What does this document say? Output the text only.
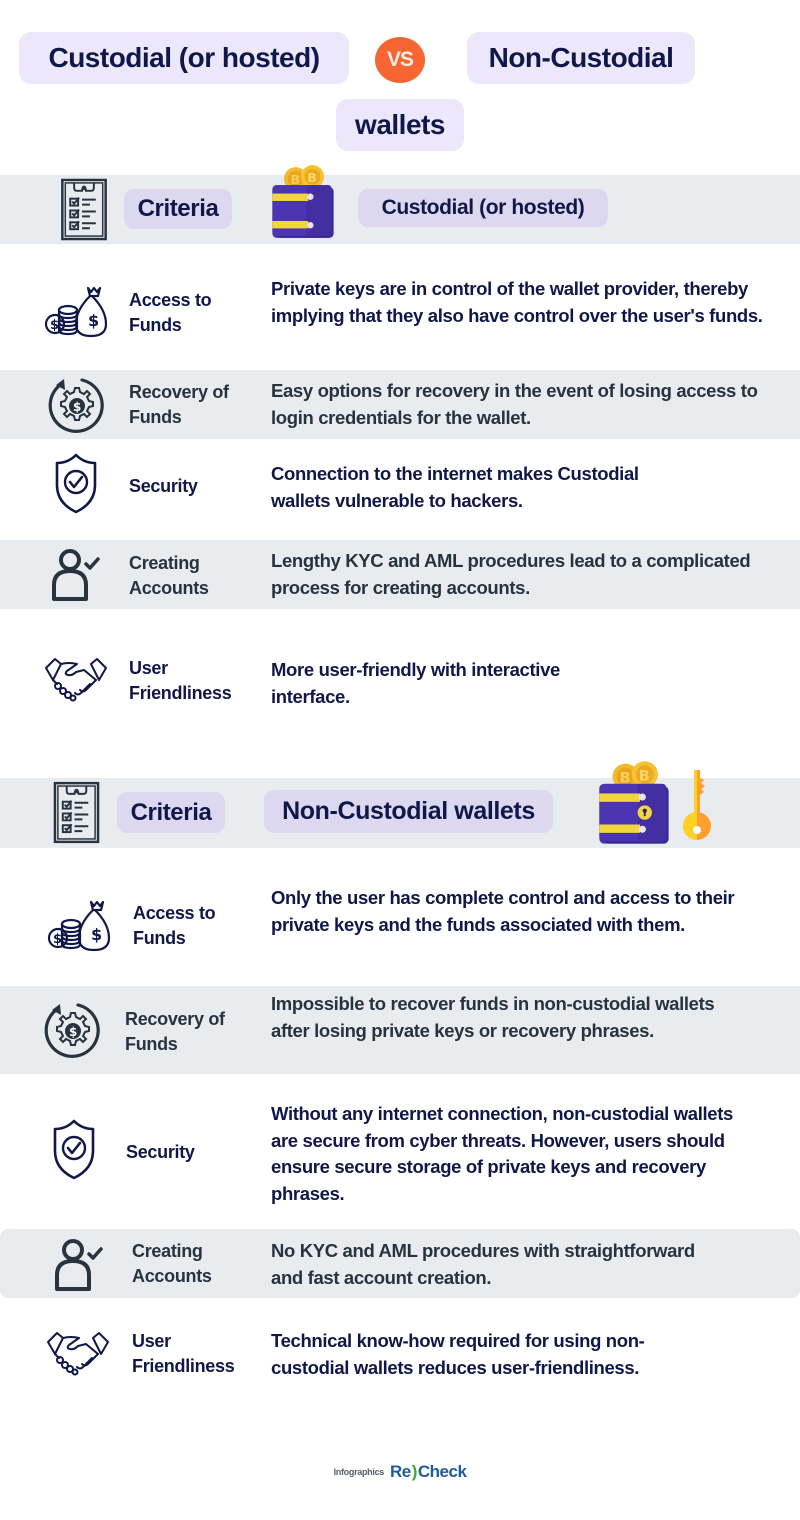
Custodial (or hosted)	VS	Non-Custodial
wallets
Criteria	Custodial (or hosted)
Access to
Funds
Private keys are in control of the wallet provider, thereby implying that they also have control over the user's funds.
Recovery of
Funds
Easy options for recovery in the event of losing access to login credentials for the wallet.
Security
Connection to the internet makes Custodial wallets vulnerable to hackers.
Creating
Accounts
Lengthy KYC and AML procedures lead to a complicated process for creating accounts.
User
Friendliness
More user-friendly with interactive interface.
Criteria	Non-Custodial wallets
Access to
Funds
Only the user has complete control and access to their private keys and the funds associated with them.
Recovery of
Funds
Impossible to recover funds in non-custodial wallets after losing private keys or recovery phrases.
Security
Without any internet connection, non-custodial wallets are secure from cyber threats. However, users should ensure secure storage of private keys and recovery phrases.
Creating
Accounts
No KYC and AML procedures with straightforward and fast account creation.
User
Friendliness
Technical know-how required for using non-custodial wallets reduces user-friendliness.
Infographics Re ) Check
